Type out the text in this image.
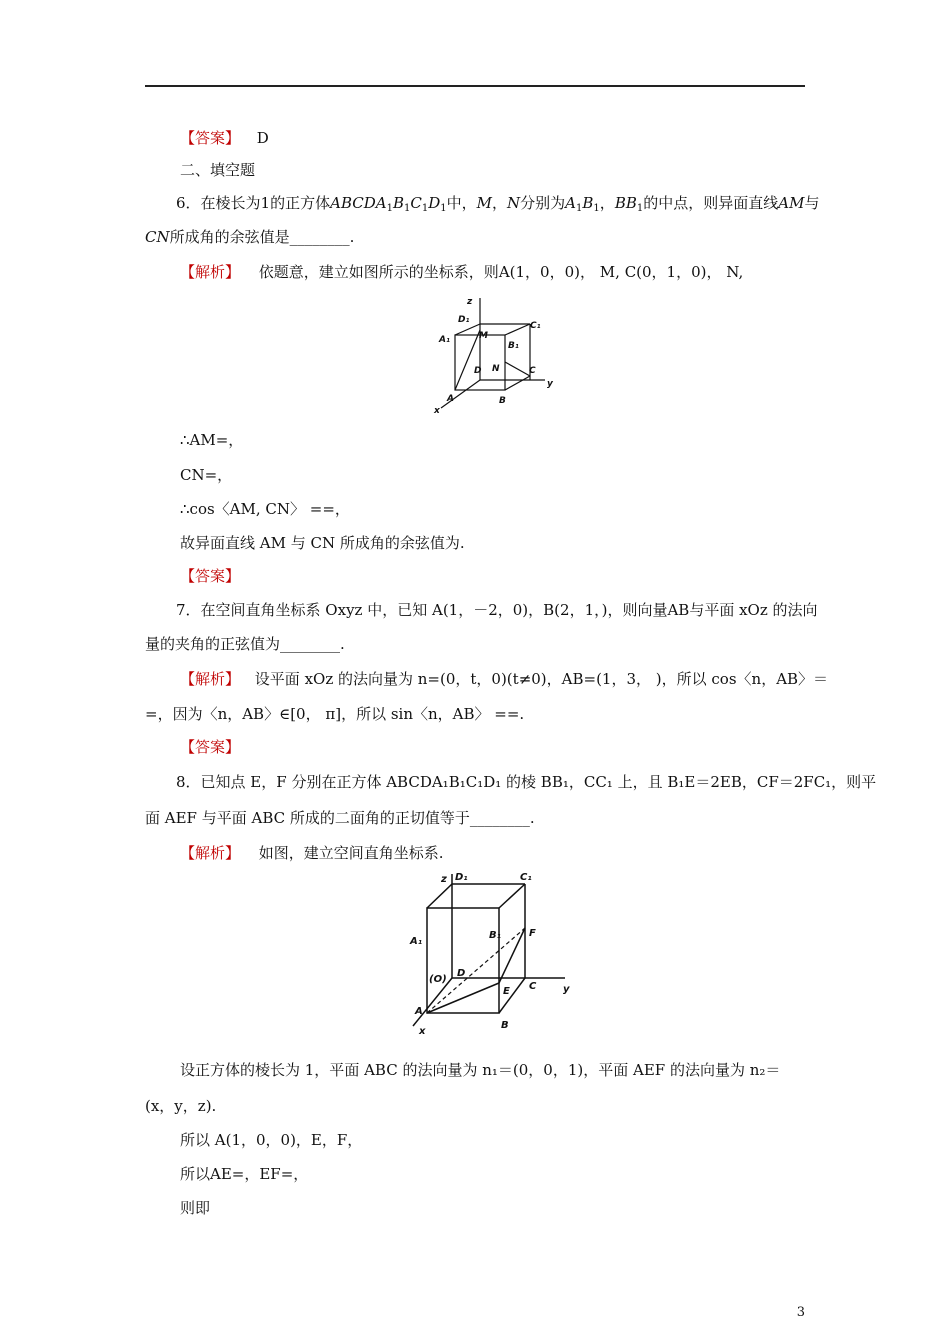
【答案】 D
二、填空题
6．在棱长为1的正方体$ABCDA_1B_1C_1D_1$中，M，N分别为$A_1B_1$，$BB_1$的中点，则异面直线AM与
CN所成角的余弦值是________.
【解析】 依题意，建立如图所示的坐标系，则A(1，0，0)， M, C(0，1，0)， N,
z
y
x
D₁
C₁
A₁	M
B₁
D N	C
A	B
∴AM=，
CN=，
∴cos〈AM, CN〉 ==，
故异面直线 AM 与 CN 所成角的余弦值为.
【答案】
7．在空间直角坐标系 Oxyz 中，已知 A(1，－2，0)，B(2，1，)，则向量AB与平面 xOz 的法向
量的夹角的正弦值为________.
【解析】 设平面 xOz 的法向量为 n=(0，t，0)(t≠0)，AB=(1，3， )，所以 cos〈n，AB〉＝
=，因为〈n，AB〉∈[0， π]，所以 sin〈n，AB〉 ==.
【答案】
8．已知点 E，F 分别在正方体 ABCDA₁B₁C₁D₁ 的棱 BB₁，CC₁ 上，且 B₁E＝2EB，CF＝2FC₁，则平
面 AEF 与平面 ABC 所成的二面角的正切值等于________.
【解析】 如图，建立空间直角坐标系.
z
y
x
D₁	C₁
A₁
B₁	F
(O)
D
E C
A
B
设正方体的棱长为 1，平面 ABC 的法向量为 n₁＝(0，0，1)，平面 AEF 的法向量为 n₂＝
(x，y，z).
所以 A(1，0，0)，E，F，
所以AE=，EF=，
则即
3
